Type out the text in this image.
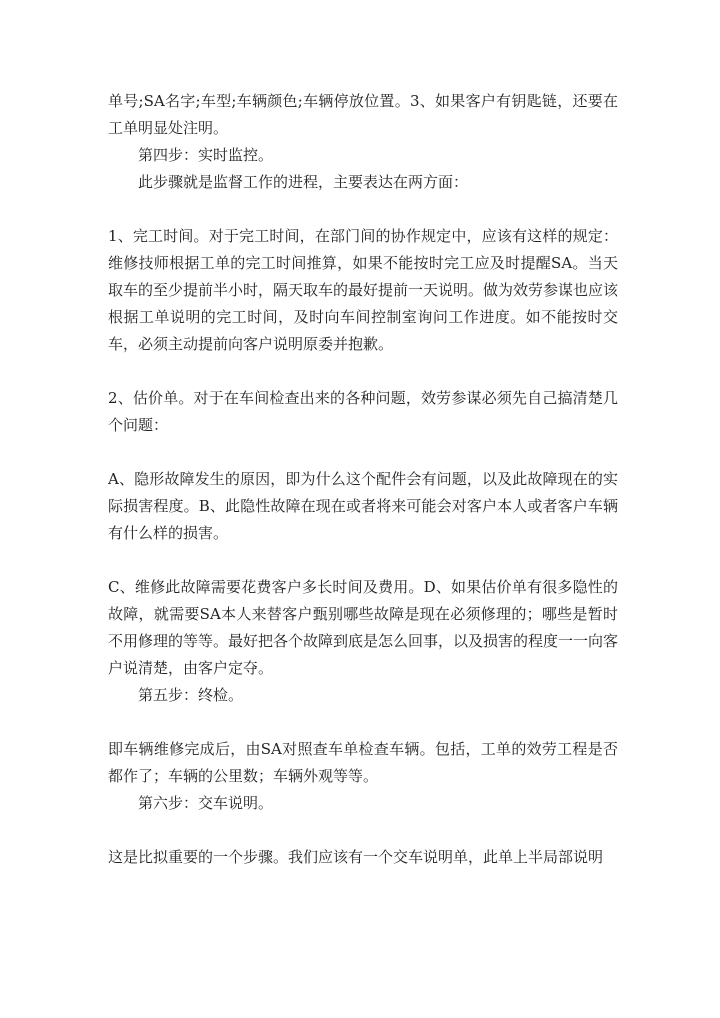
单号;SA名字;车型;车辆颜色;车辆停放位置。3、如果客户有钥匙链，还要在工单明显处注明。

第四步：实时监控。

此步骤就是监督工作的进程，主要表达在两方面：

1、完工时间。对于完工时间，在部门间的协作规定中，应该有这样的规定：维修技师根据工单的完工时间推算，如果不能按时完工应及时提醒SA。当天取车的至少提前半小时，隔天取车的最好提前一天说明。做为效劳参谋也应该根据工单说明的完工时间，及时向车间控制室询问工作进度。如不能按时交车，必须主动提前向客户说明原委并抱歉。

2、估价单。对于在车间检查出来的各种问题，效劳参谋必须先自己搞清楚几个问题：

A、隐形故障发生的原因，即为什么这个配件会有问题，以及此故障现在的实际损害程度。B、此隐性故障在现在或者将来可能会对客户本人或者客户车辆有什么样的损害。

C、维修此故障需要花费客户多长时间及费用。D、如果估价单有很多隐性的故障，就需要SA本人来替客户甄别哪些故障是现在必须修理的；哪些是暂时不用修理的等等。最好把各个故障到底是怎么回事，以及损害的程度一一向客户说清楚，由客户定夺。

第五步：终检。

即车辆维修完成后，由SA对照查车单检查车辆。包括，工单的效劳工程是否都作了；车辆的公里数；车辆外观等等。

第六步：交车说明。

这是比拟重要的一个步骤。我们应该有一个交车说明单，此单上半局部说明
